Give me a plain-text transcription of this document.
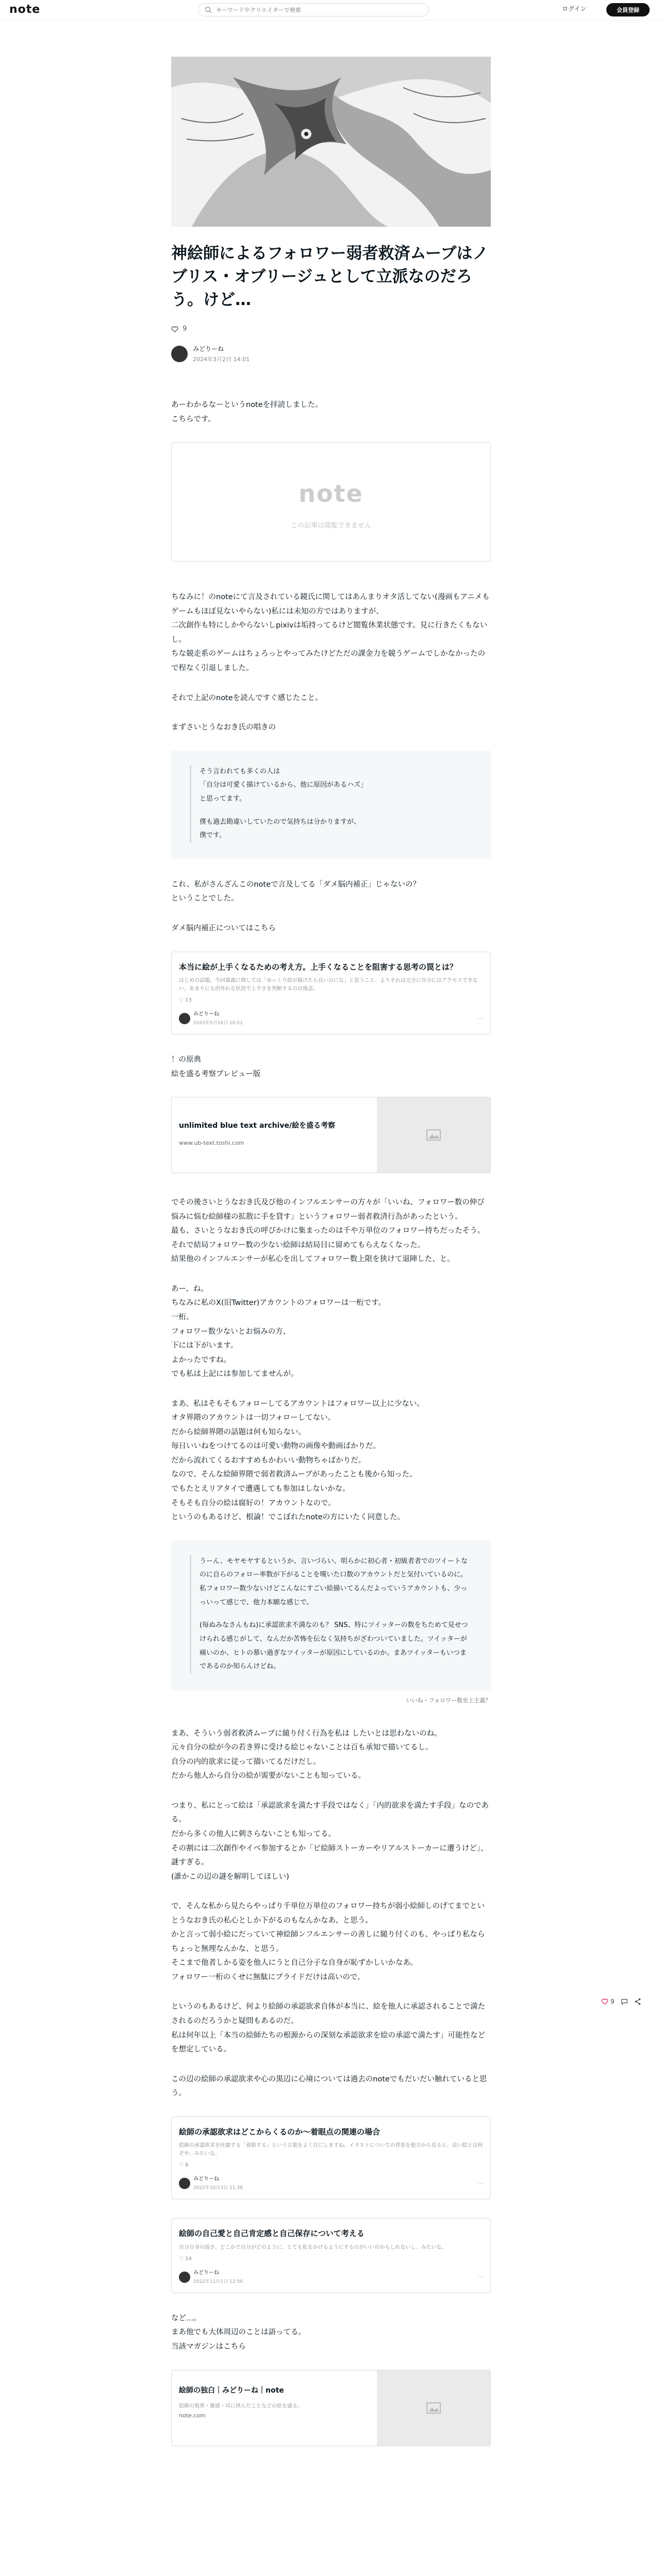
note
キーワードやクリエイターで検索	ログイン	会員登録
神絵師によるフォロワー弱者救済ムーブはノブリス・オブリージュとして立派なのだろう。けど…
9
みどりーね
2024年3月2日 14:01
あーわかるなーというnoteを拝読しました。
こちらです。
note
この記事は閲覧できません
ちなみに！のnoteにて言及されている鏡氏に関してはあんまりオタ活してない(漫画もアニメもゲームもほぼ見ないやらない)私には未知の方ではありますが、
二次創作も特にしかやらないしpixivは垢持ってるけど閲覧休業状態です。見に行きたくもないし。
ちな競走系のゲームはちょろっとやってみたけどただの課金力を競うゲームでしかなかったので程なく引退しました。
それで上記のnoteを読んですぐ感じたこと。
まずさいとうなおき氏の唱きの
そう言われても多くの人は
「自分は可愛く描けているから、他に原因があるハズ」
と思ってます。
僕も過去勘違いしていたので気持ちは分かりますが、
僕です。
これ、私がさんざんこのnoteで言及してる「ダメ脳内補正」じゃないの？
ということでした。
ダメ脳内補正についてはこちら
本当に絵が上手くなるための考え方。上手くなることを阻害する思考の罠とは？
はじめの話題。今回暴露に関しては「ゆっくり絵が描けたら良いのにな」と思うこと、よりそれは完全に自分にはアクセスできない、あまりにも的外れな状況で上手さを判断するのは残念。
♡ 13
みどりーね
2023年5月16日 10:21
⋯
！の原典
絵を盛る考察プレビュー版
unlimited blue text archive/絵を盛る考察
www.ub-text.toshi.com
でその後さいとうなおき氏及び他のインフルエンサーの方々が「いいね、フォロワー数の伸び悩みに悩む絵師様の拡散に手を貸す」というフォロワー弱者救済行為があったという。
最も、さいとうなおき氏の呼びかけに集まったのは千や万単位のフォロワー持ちだったそう。
それで結局フォロワー数の少ない絵師は結局目に留めてもらえなくなった。
結果他のインフルエンサーが私心を出してフォロワー数上限を狭けて退陣した、と。
あー、ね。
ちなみに私のX(旧Twitter)アカウントのフォロワーは一桁です。
一桁。
フォロワー数少ないとお悩みの方、
下には下がいます。
よかったですね。
でも私は上記には参加してませんが。
まあ、私はそもそもフォローしてるアカウントはフォロワー以上に少ない。
オタ界隈のアカウントは一切フォローしてない。
だから絵師界隈の話題は何も知らない。
毎日いいねをつけてるのは可愛い動物の画像や動画ばかりだ。
だから流れてくるおすすめもかわいい動物ちゃばかりだ。
なので、そんな絵師界隈で弱者救済ムーブがあったことも後から知った。
でもたとえリアタイで遭遇しても参加はしないかな。
そもそも自分の絵は腐好の！アカウントなので。
というのもあるけど、根論！でこぼれたnoteの方にいたく同意した。
うーん、モヤモヤするというか、言いづらい、明らかに初心者・初級者者でのツイートなのに自らのフォロー率数が下がることを嘆いた口数のアカウントだと気付いているのに。私フォロワー数少ないけどこんなにすごい絵描いてるんだよっていうアカウントも、少っっいって感じで、他力本願な感じで。
(毎ぬみなさんもね)に承認欲求不満なのも？ SNS、特にツイッターの数をちためて見せつけられる感じがして、なんだか苦怖を伝なく気持ちがざわついていました。ツイッターが痛いのか、ヒトの慕い過ぎなツイッターが原因にしているのか。まあツイッターもいつまであるのか知らんけどね。
いいね・フォロワー数至上主義？
まあ、そういう弱者救済ムーブに縋り付く行為を私は したいとは思わないのね。
元々自分の絵が今の若き界に受ける絵じゃないことは百も承知で描いてるし。
自分の内的欲求に従って描いてるだけだし。
だから他人から自分の絵が需要がないことも知っている。
つまり、私にとって絵は「承認欲求を満たす手段ではなく」「内的欲求を満たす手段」なのである。
だから多くの他人に刺さらないことも知ってる。
その割には二次創作やイベ参加するとか「ビ絵師ストーカーやリアルストーカーに遭うけど」、
謎すぎる。
(誰かこの辺の謎を解明してほしい)
で、そんな私から見たらやっぱり千単位万単位のフォロワー持ちが弱小絵師しのげてまでといとうなおき氏の私心としか下がるのもなんかなあ、と思う。
かと言って弱小絵にだっていて神絵師ンフルエンサーの善しに縋り付くのも、やっぱり私ならちょっと無理なんかな、と思う。
そこまで他者しかる姿を他人にうと自己分子な自身が恥ずかしいかなあ。
フォロワー一桁のくせに無駄にプライドだけは高いので。
というのもあるけど、何より絵師の承認欲求自体が本当に、絵を他人に承認されることで満たされるのだろうかと疑問もあるのだ。
私は何年以上「本当の絵師たちの根源からの深刻な承認欲求を絵の承認で満たす」可能性などを想定している。
この辺の絵師の承認欲求や心の黒辺に心境については過去のnoteでもだいだい触れていると思う。
絵師の承認欲求はどこからくるのか〜着眼点の関連の場合
絵師の承認欲求を吐露する「着眼する」という言葉をよく目にしますね。イラストについての背景を他方から見ると、良い絵とは何ぞや、みたいな。
♡ 6
みどりーね
2022年10月3日 11:38
⋯
絵師の自己愛と自己肯定感と自己保存について考える
自分自身の弱さ、どこかで自分がどのように、とても私をかけるようにするのがいいのかもしれないし、みたいな。
♡ 14
みどりーね
2022年11月1日 12:50
⋯
など…。
まあ他でも大体周辺のことは語ってる。
当該マガジンはこちら
絵師の独白｜みどりーね｜note
絵師の視界・雑感・耳に挟んだことなどの絵を盛る。
note.com
9
